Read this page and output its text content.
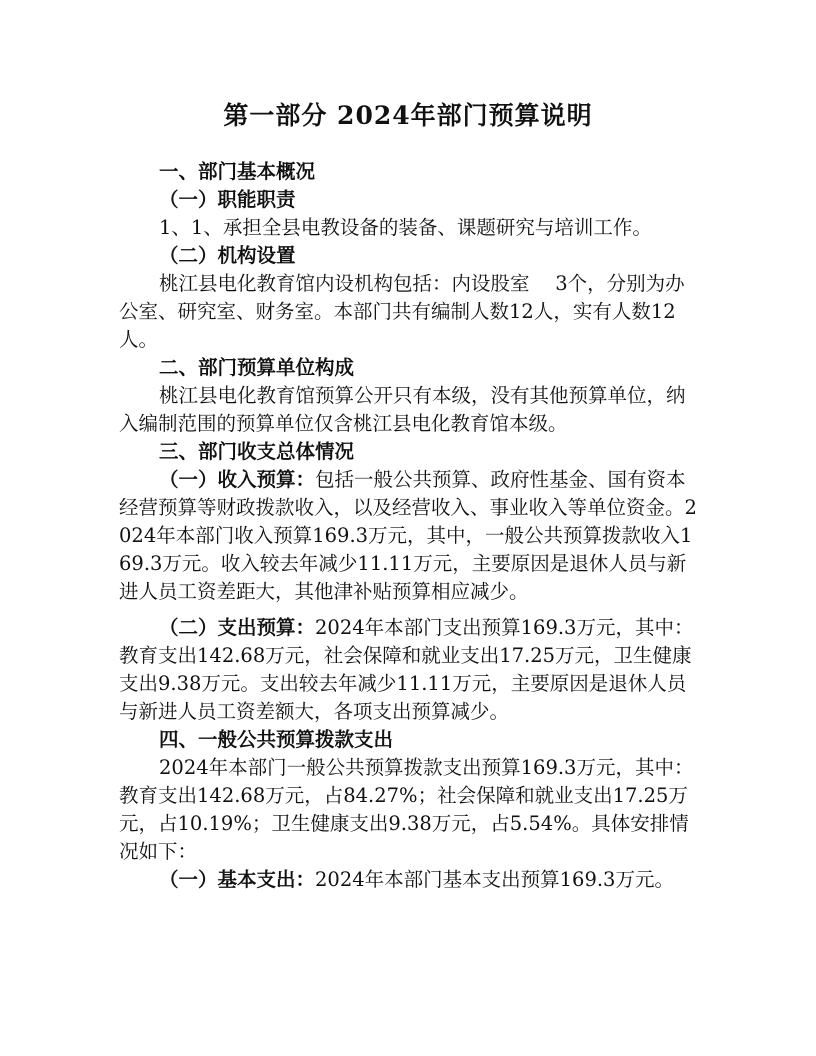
第一部分 2024年部门预算说明

一、部门基本概况

（一）职能职责

1、1、承担全县电教设备的装备、课题研究与培训工作。

（二）机构设置

桃江县电化教育馆内设机构包括：内设股室　 3个，分别为办公室、研究室、财务室。本部门共有编制人数12人，实有人数12人。

二、部门预算单位构成

桃江县电化教育馆预算公开只有本级，没有其他预算单位，纳入编制范围的预算单位仅含桃江县电化教育馆本级。

三、部门收支总体情况

（一）收入预算：包括一般公共预算、政府性基金、国有资本经营预算等财政拨款收入，以及经营收入、事业收入等单位资金。2024年本部门收入预算169.3万元，其中，一般公共预算拨款收入169.3万元。收入较去年减少11.11万元，主要原因是退休人员与新进人员工资差距大，其他津补贴预算相应减少。

（二）支出预算：2024年本部门支出预算169.3万元，其中：教育支出142.68万元，社会保障和就业支出17.25万元，卫生健康支出9.38万元。支出较去年减少11.11万元，主要原因是退休人员与新进人员工资差额大，各项支出预算减少。

四、一般公共预算拨款支出

2024年本部门一般公共预算拨款支出预算169.3万元，其中：教育支出142.68万元，占84.27%；社会保障和就业支出17.25万元，占10.19%；卫生健康支出9.38万元，占5.54%。具体安排情况如下：

（一）基本支出：2024年本部门基本支出预算169.3万元。
